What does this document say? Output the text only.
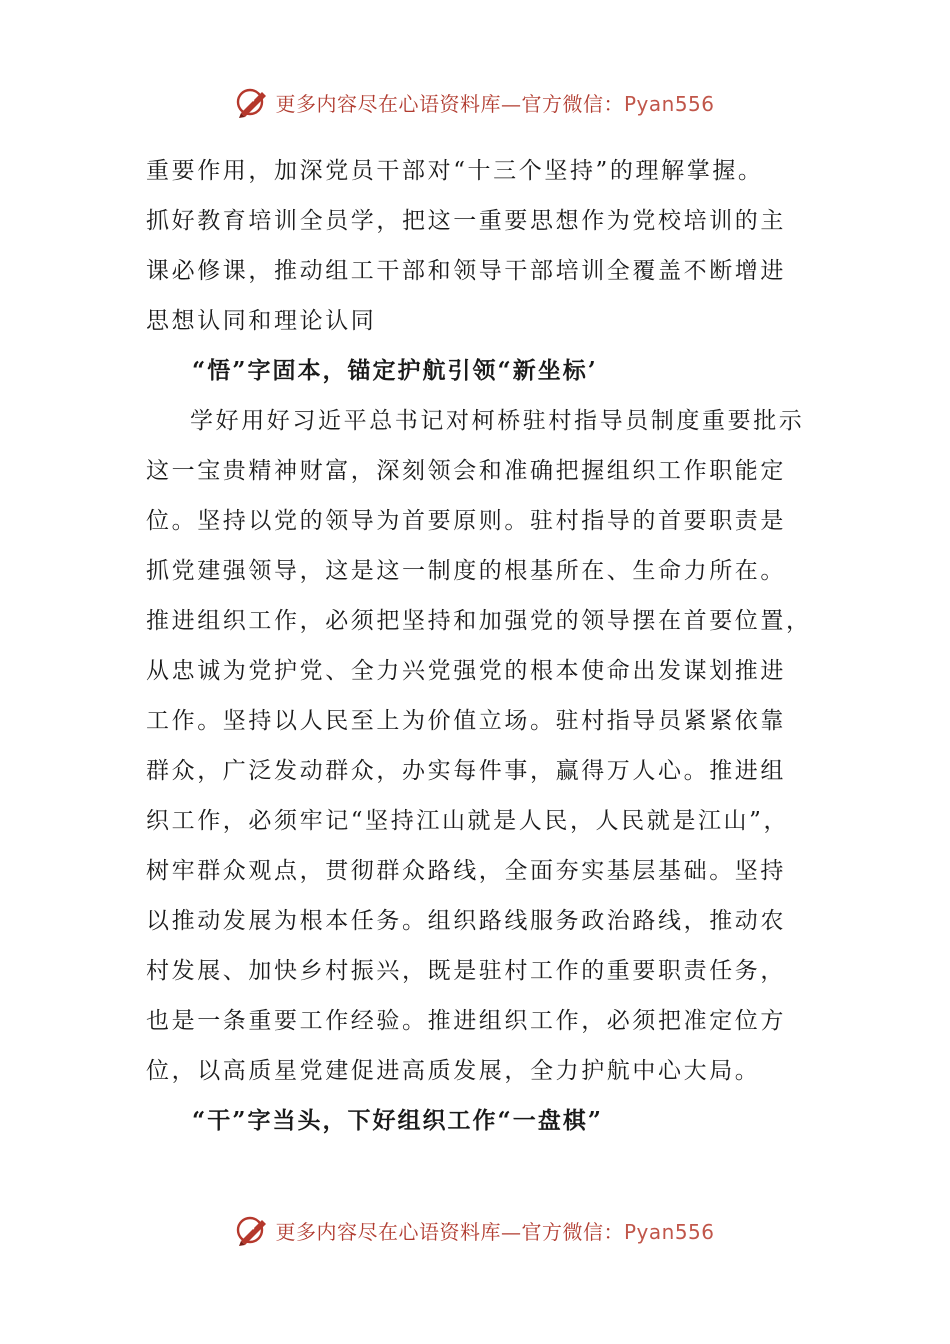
更多内容尽在心语资料库—官方微信：Pyan556
重要作用，加深党员干部对“十三个坚持”的理解掌握。
抓好教育培训全员学，把这一重要思想作为党校培训的主
课必修课，推动组工干部和领导干部培训全覆盖不断增进
思想认同和理论认同
“悟”字固本，锚定护航引领“新坐标’
学好用好习近平总书记对柯桥驻村指导员制度重要批示
这一宝贵精神财富，深刻领会和准确把握组织工作职能定
位。坚持以党的领导为首要原则。驻村指导的首要职责是
抓党建强领导，这是这一制度的根基所在、生命力所在。
推进组织工作，必须把坚持和加强党的领导摆在首要位置，
从忠诚为党护党、全力兴党强党的根本使命出发谋划推进
工作。坚持以人民至上为价值立场。驻村指导员紧紧依靠
群众，广泛发动群众，办实每件事，赢得万人心。推进组
织工作，必须牢记“坚持江山就是人民，人民就是江山”，
树牢群众观点，贯彻群众路线，全面夯实基层基础。坚持
以推动发展为根本任务。组织路线服务政治路线，推动农
村发展、加快乡村振兴，既是驻村工作的重要职责任务，
也是一条重要工作经验。推进组织工作，必须把准定位方
位，以高质星党建促进高质发展，全力护航中心大局。
“干”字当头，下好组织工作“一盘棋”
更多内容尽在心语资料库—官方微信：Pyan556
